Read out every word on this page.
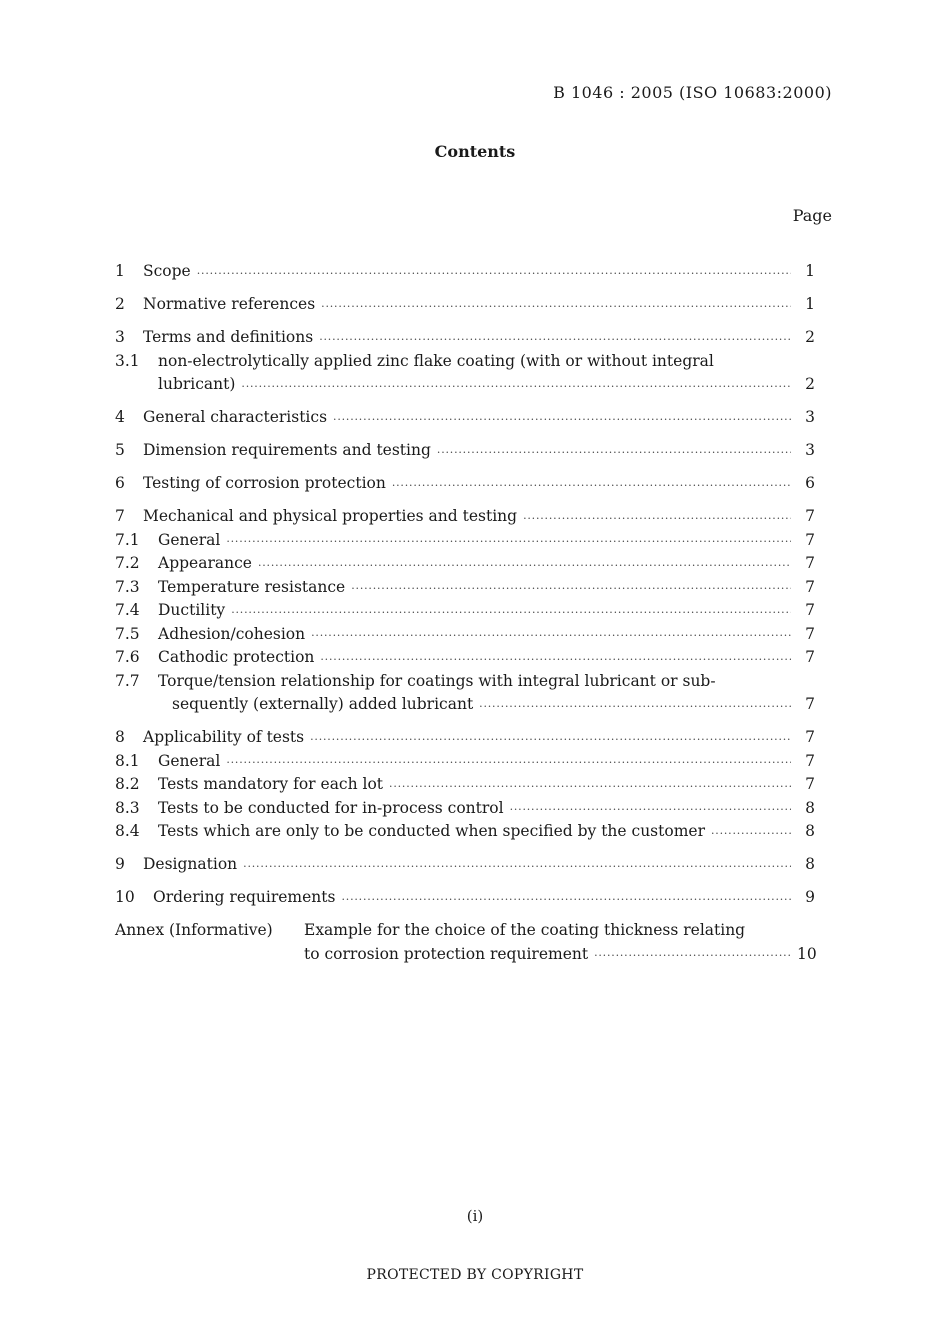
B 1046 : 2005 (ISO 10683:2000)
Contents
Page
1	Scope ·····	1
2	Normative references ·····	1
3	Terms and definitions ·····	2
3.1	non-electrolytically applied zinc flake coating (with or without integral
lubricant) ·····	2
4	General characteristics ·····	3
5	Dimension requirements and testing ·····	3
6	Testing of corrosion protection ·····	6
7	Mechanical and physical properties and testing ·····	7
7.1	General ·····	7
7.2	Appearance ·····	7
7.3	Temperature resistance ·····	7
7.4	Ductility ·····	7
7.5	Adhesion/cohesion ·····	7
7.6	Cathodic protection ·····	7
7.7	Torque/tension relationship for coatings with integral lubricant or sub-
sequently (externally) added lubricant ·····	7
8	Applicability of tests ·····	7
8.1	General ·····	7
8.2	Tests mandatory for each lot ·····	7
8.3	Tests to be conducted for in-process control ·····	8
8.4	Tests which are only to be conducted when specified by the customer ·····	8
9	Designation ·····	8
10	Ordering requirements ·····	9
Annex (Informative)	Example for the choice of the coating thickness relating
to corrosion protection requirement ·····	10
(i)
PROTECTED BY COPYRIGHT
